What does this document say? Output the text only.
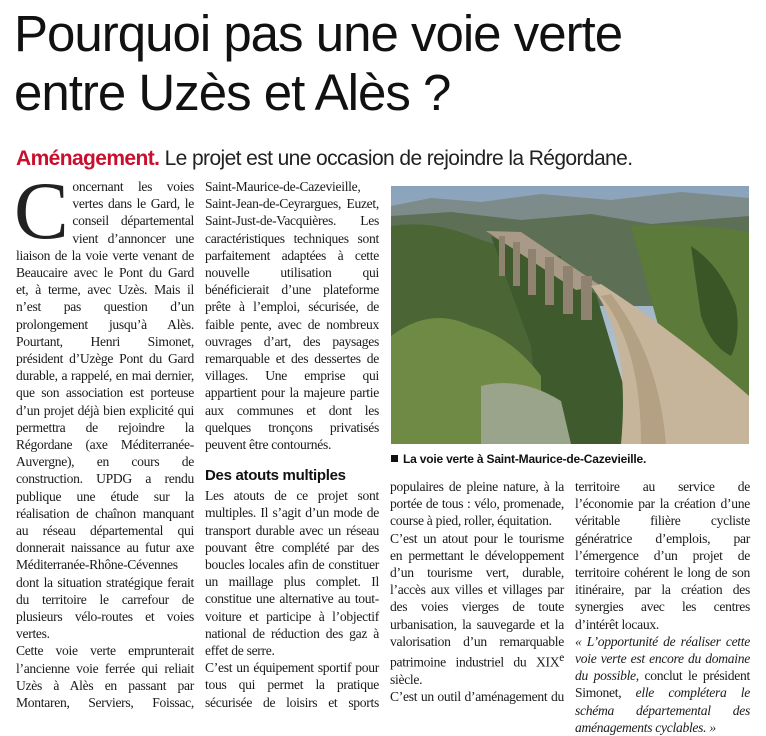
Pourquoi pas une voie verte
entre Uzès et Alès ?
Aménagement. Le projet est une occasion de rejoindre la Régordane.
C oncernant les voies vertes dans le Gard, le conseil départemental vient d’annoncer une liaison de la voie verte venant de Beaucaire avec le Pont du Gard et, à terme, avec Uzès. Mais il n’est pas question d’un prolongement jusqu’à Alès. Pourtant, Henri Simonet, président d’Uzège Pont du Gard durable, a rappelé, en mai dernier, que son association est porteuse d’un projet déjà bien explicité qui permettra de rejoindre la Régordane (axe Méditerranée-Auvergne), en cours de construction. UPDG a rendu publique une étude sur la réalisation de chaînon manquant au réseau départemental qui donnerait naissance au futur axe Méditerranée-Rhône-Cévennes dont la situation stratégique ferait du territoire le carrefour de plusieurs vélo-routes et voies vertes.

Cette voie verte emprunterait l’ancienne voie ferrée qui reliait Uzès à Alès en passant par Montaren, Serviers, Foissac,

Saint-Maurice-de-Cazevieille, Saint-Jean-de-Ceyrargues, Euzet, Saint-Just-de-Vacquières. Les caractéristiques techniques sont parfaitement adaptées à cette nouvelle utilisation qui bénéficierait d’une plateforme prête à l’emploi, sécurisée, de faible pente, avec de nombreux ouvrages d’art, des paysages remarquable et des dessertes de villages. Une emprise qui appartient pour la majeure partie aux communes et dont les quelques tronçons privatisés peuvent être contournés.

Des atouts multiples

Les atouts de ce projet sont multiples. Il s’agit d’un mode de transport durable avec un réseau pouvant être complété par des boucles locales afin de constituer un maillage plus complet. Il constitue une alternative au tout-voiture et participe à l’objectif national de réduction des gaz à effet de serre.

C’est un équipement sportif pour tous qui permet la pratique sécurisée de loisirs et sports

La voie verte à Saint-Maurice-de-Cazevieille.

populaires de pleine nature, à la portée de tous : vélo, promenade, course à pied, roller, équitation.

C’est un atout pour le tourisme en permettant le développement d’un tourisme vert, durable, l’accès aux villes et villages par des voies vierges de toute urbanisation, la sauvegarde et la valorisation d’un remarquable patrimoine industriel du XIXe siècle.

C’est un outil d’aménagement du

territoire au service de l’économie par la création d’une véritable filière cycliste génératrice d’emplois, par l’émergence d’un projet de territoire cohérent le long de son itinéraire, par la création des synergies avec les centres d’intérêt locaux.

« L’opportunité de réaliser cette voie verte est encore du domaine du possible, conclut le président Simonet, elle complétera le schéma départemental des aménagements cyclables. »
